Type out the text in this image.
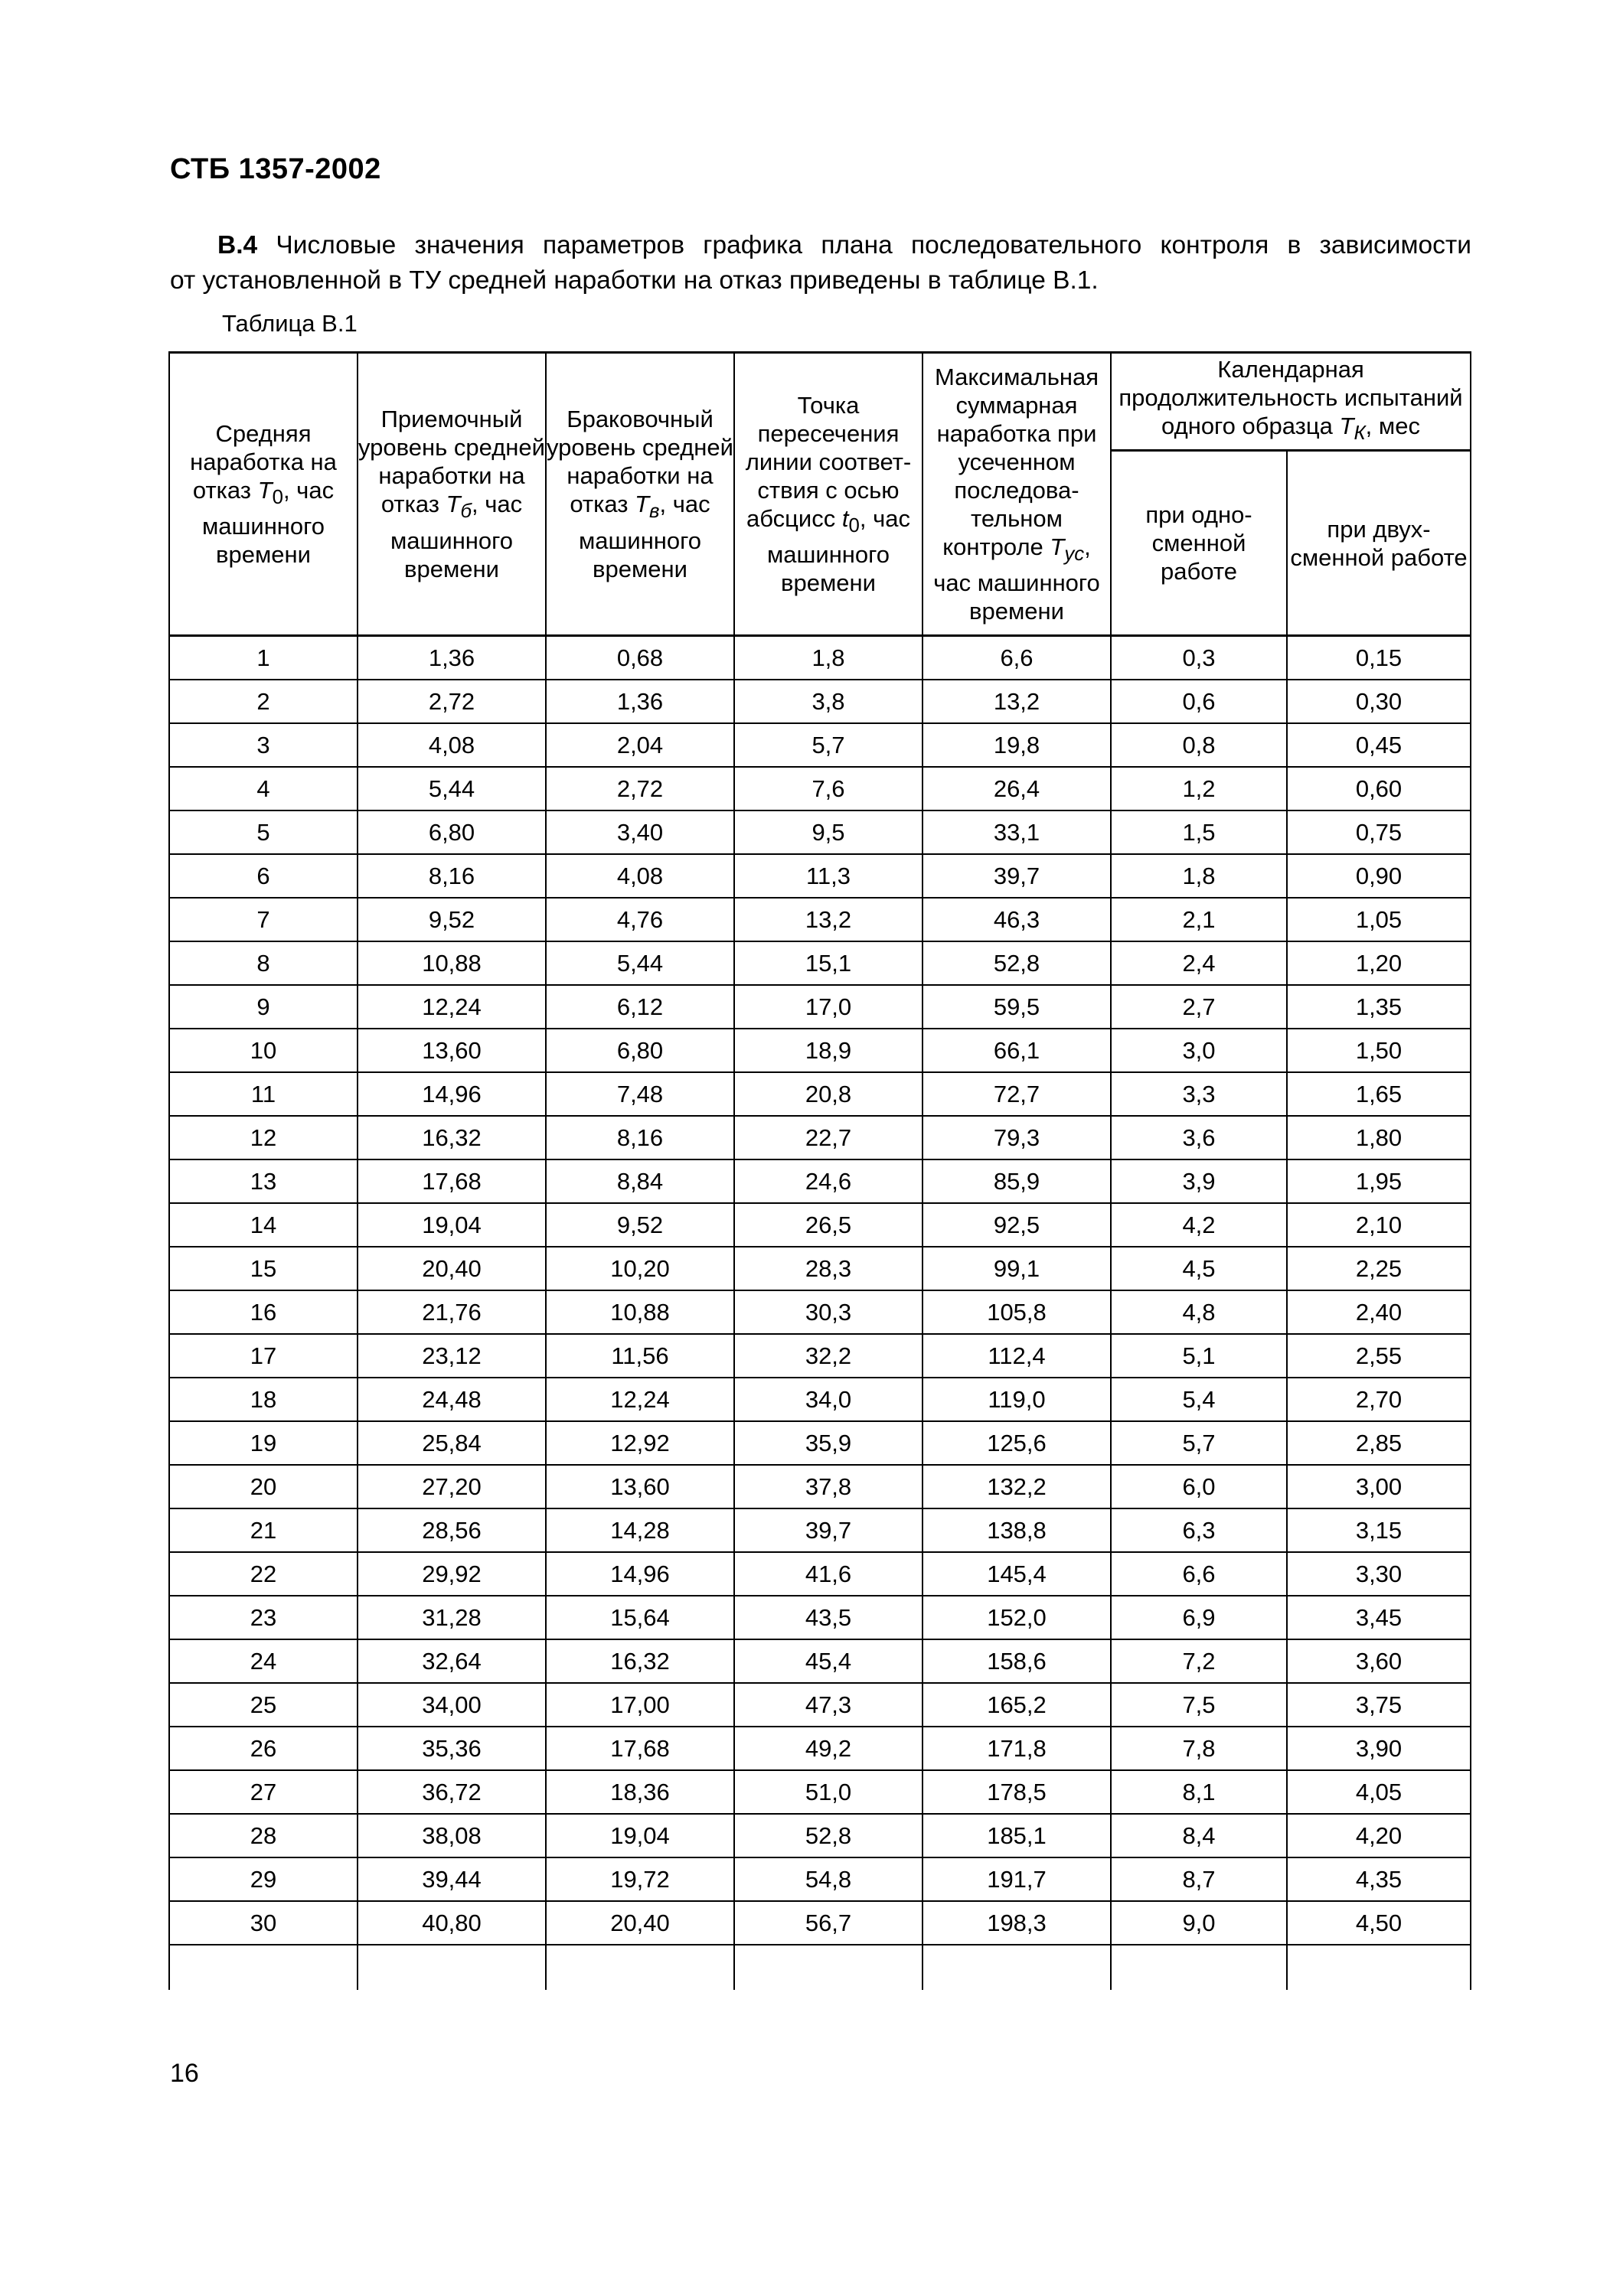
СТБ 1357-2002
В.4 Числовые значения параметров графика плана последовательного контроля в зависимости
от установленной в ТУ средней наработки на отказ приведены в таблице В.1.
Таблица В.1
Средняя наработка на отказ $T_0$, час машинного времени	Приемочный уровень средней наработки на отказ $Т_б$, час машинного времени	Браковочный уровень средней наработки на отказ $Т_в$, час машинного времени	Точка пересечения линии соответ- ствия с осью абсцисс $t_0$, час машинного времени	Максимальная суммарная наработка при усеченном последова- тельном контроле $Т_{ус}$, час машинного времени	Календарная продолжительность испытаний одного образца $Т_К$, мес	
					при одно- сменной работе	при двух- сменной работе
1	1,36	0,68	1,8	6,6	0,3	0,15
2	2,72	1,36	3,8	13,2	0,6	0,30
3	4,08	2,04	5,7	19,8	0,8	0,45
4	5,44	2,72	7,6	26,4	1,2	0,60
5	6,80	3,40	9,5	33,1	1,5	0,75
6	8,16	4,08	11,3	39,7	1,8	0,90
7	9,52	4,76	13,2	46,3	2,1	1,05
8	10,88	5,44	15,1	52,8	2,4	1,20
9	12,24	6,12	17,0	59,5	2,7	1,35
10	13,60	6,80	18,9	66,1	3,0	1,50
11	14,96	7,48	20,8	72,7	3,3	1,65
12	16,32	8,16	22,7	79,3	3,6	1,80
13	17,68	8,84	24,6	85,9	3,9	1,95
14	19,04	9,52	26,5	92,5	4,2	2,10
15	20,40	10,20	28,3	99,1	4,5	2,25
16	21,76	10,88	30,3	105,8	4,8	2,40
17	23,12	11,56	32,2	112,4	5,1	2,55
18	24,48	12,24	34,0	119,0	5,4	2,70
19	25,84	12,92	35,9	125,6	5,7	2,85
20	27,20	13,60	37,8	132,2	6,0	3,00
21	28,56	14,28	39,7	138,8	6,3	3,15
22	29,92	14,96	41,6	145,4	6,6	3,30
23	31,28	15,64	43,5	152,0	6,9	3,45
24	32,64	16,32	45,4	158,6	7,2	3,60
25	34,00	17,00	47,3	165,2	7,5	3,75
26	35,36	17,68	49,2	171,8	7,8	3,90
27	36,72	18,36	51,0	178,5	8,1	4,05
28	38,08	19,04	52,8	185,1	8,4	4,20
29	39,44	19,72	54,8	191,7	8,7	4,35
30	40,80	20,40	56,7	198,3	9,0	4,50

16
